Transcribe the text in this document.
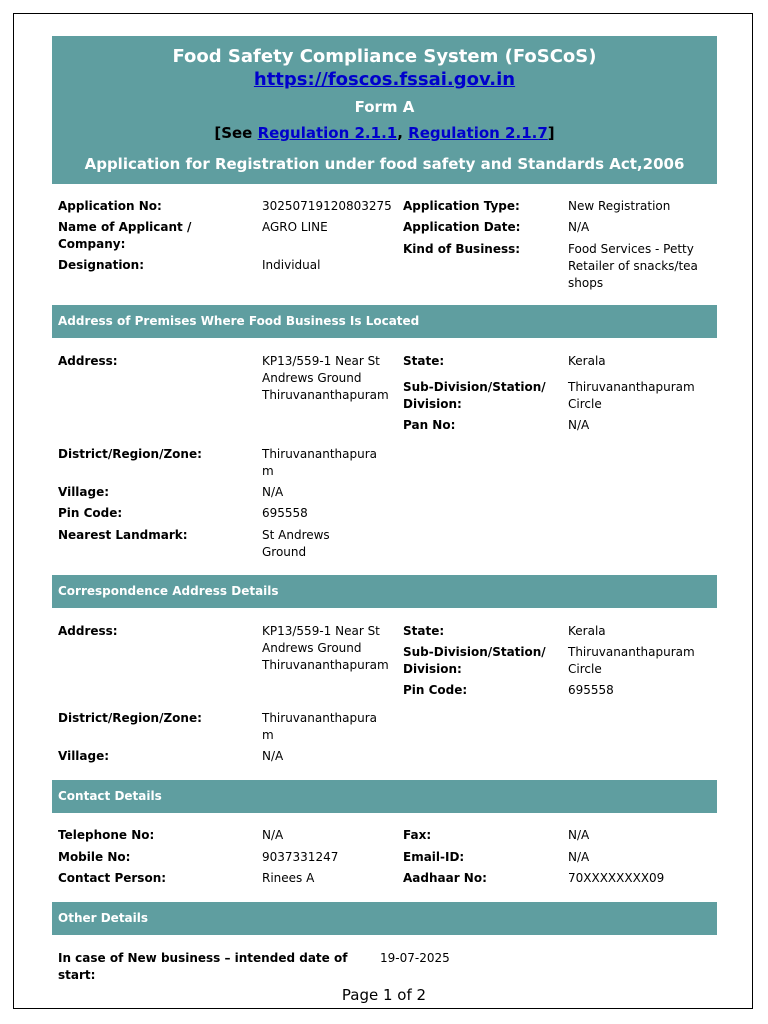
Food Safety Compliance System (FoSCoS)
https://foscos.fssai.gov.in
Form A
[See Regulation 2.1.1, Regulation 2.1.7]
Application for Registration under food safety and Standards Act,2006
Application No:	30250719120803275
Name of Applicant / Company:
AGRO LINE
Designation:	Individual
Application Type:	New Registration
Application Date:	N/A
Kind of Business:	Food Services - Petty Retailer of snacks/tea shops
Address of Premises Where Food Business Is Located
Address:	KP13/559-1 Near St Andrews Ground Thiruvananthapuram
District/Region/Zone:	Thiruvananthapuram
Village:	N/A
Pin Code:	695558
Nearest Landmark:	St Andrews Ground
State:	Kerala
Sub-Division/Station/ Division:
Thiruvananthapuram Circle
Pan No:	N/A
Correspondence Address Details
Address:	KP13/559-1 Near St Andrews Ground Thiruvananthapuram
District/Region/Zone:	Thiruvananthapuram
Village:	N/A
State:	Kerala
Sub-Division/Station/ Division:
Thiruvananthapuram Circle
Pin Code:	695558
Contact Details
Telephone No:	N/A
Mobile No:	9037331247
Contact Person:	Rinees A
Fax:	N/A
Email-ID:	N/A
Aadhaar No:	70XXXXXXXX09
Other Details
In case of New business – intended date of start:
19-07-2025
Page 1 of 2
